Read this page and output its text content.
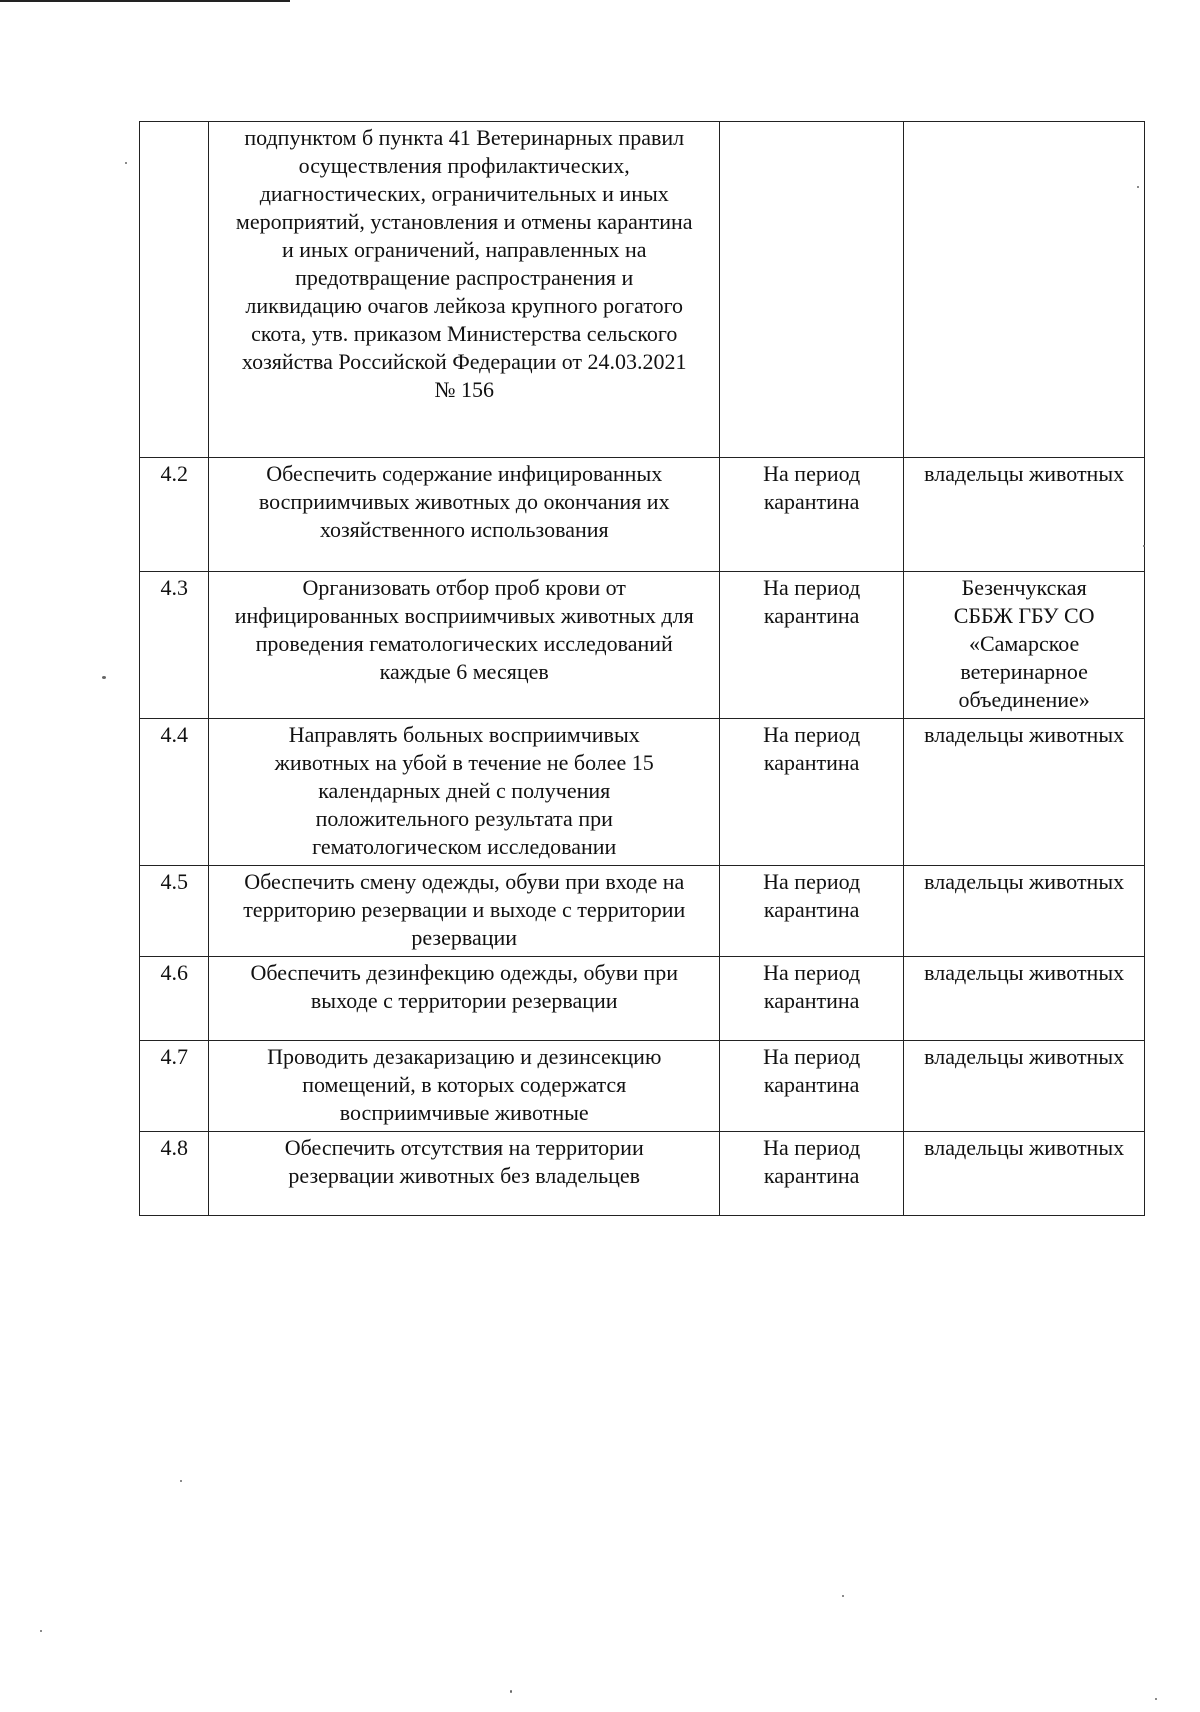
	подпунктом б пункта 41 Ветеринарных правил осуществления профилактических, диагностических, ограничительных и иных мероприятий, установления и отмены карантина и иных ограничений, направленных на предотвращение распространения и ликвидацию очагов лейкоза крупного рогатого скота, утв. приказом Министерства сельского хозяйства Российской Федерации от 24.03.2021 № 156		

4.2	Обеспечить содержание инфицированных восприимчивых животных до окончания их хозяйственного использования	На период карантина	владельцы животных
4.3	Организовать отбор проб крови от инфицированных восприимчивых животных для проведения гематологических исследований каждые 6 месяцев	На период карантина	Безенчукская СББЖ ГБУ СО «Самарское ветеринарное объединение»

4.4	Направлять больных восприимчивых животных на убой в течение не более 15 календарных дней с получения положительного результата при гематологическом исследовании	На период карантина	владельцы животных
4.5	Обеспечить смену одежды, обуви при входе на территорию резервации и выходе с территории резервации	На период карантина	владельцы животных
4.6	Обеспечить дезинфекцию одежды, обуви при выходе с территории резервации	На период карантина	владельцы животных
4.7	Проводить дезакаризацию и дезинсекцию помещений, в которых содержатся восприимчивые животные	На период карантина	владельцы животных
4.8	Обеспечить отсутствия на территории резервации животных без владельцев	На период карантина	владельцы животных
